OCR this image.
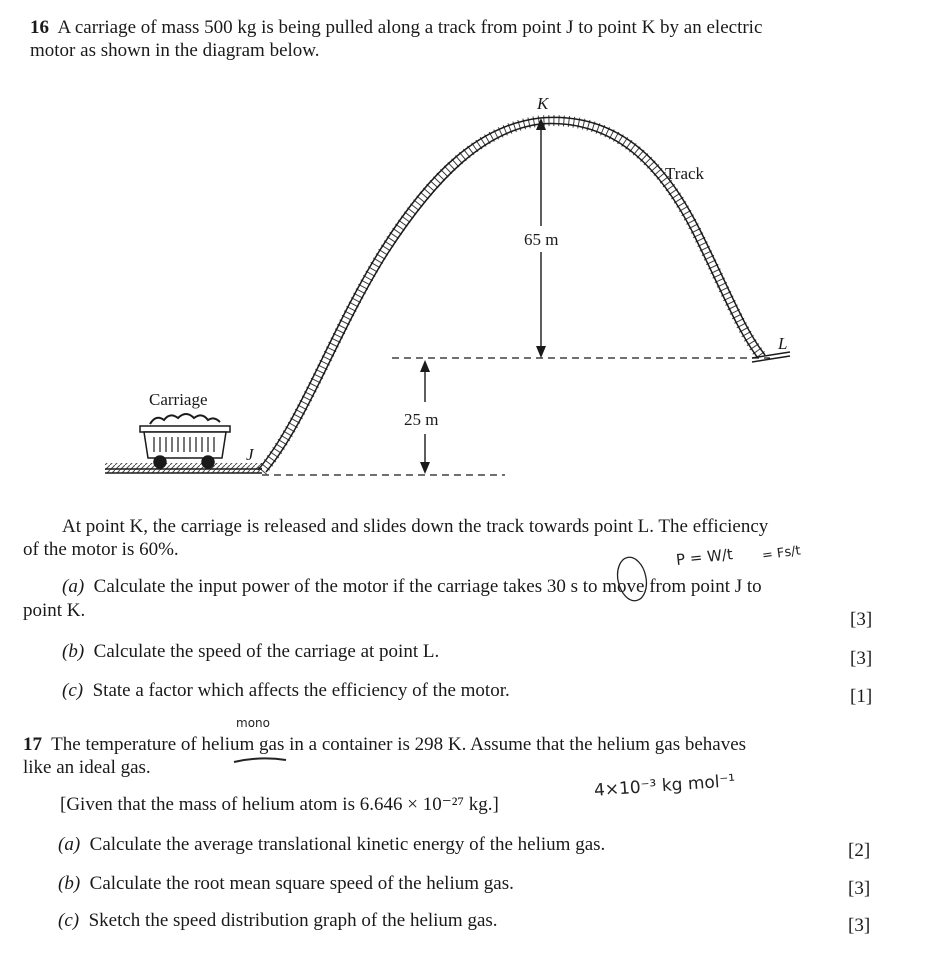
16 A carriage of mass 500 kg is being pulled along a track from point J to point K by an electric
motor as shown in the diagram below.
K
Track
65 m
L
Carriage
25 m
J
At point K, the carriage is released and slides down the track towards point L. The efficiency
of the motor is 60%.
(a) Calculate the input power of the motor if the carriage takes 30 s to move from point J to
point K.	[3]
(b) Calculate the speed of the carriage at point L.	[3]
(c) State a factor which affects the efficiency of the motor.	[1]
17 The temperature of helium gas in a container is 298 K. Assume that the helium gas behaves
like an ideal gas.
[Given that the mass of helium atom is 6.646 × 10⁻²⁷ kg.]
(a) Calculate the average translational kinetic energy of the helium gas.	[2]
(b) Calculate the root mean square speed of the helium gas.	[3]
(c) Sketch the speed distribution graph of the helium gas.	[3]
P = W/t = Fs/t
mono
4×10⁻³ kg mol⁻¹
